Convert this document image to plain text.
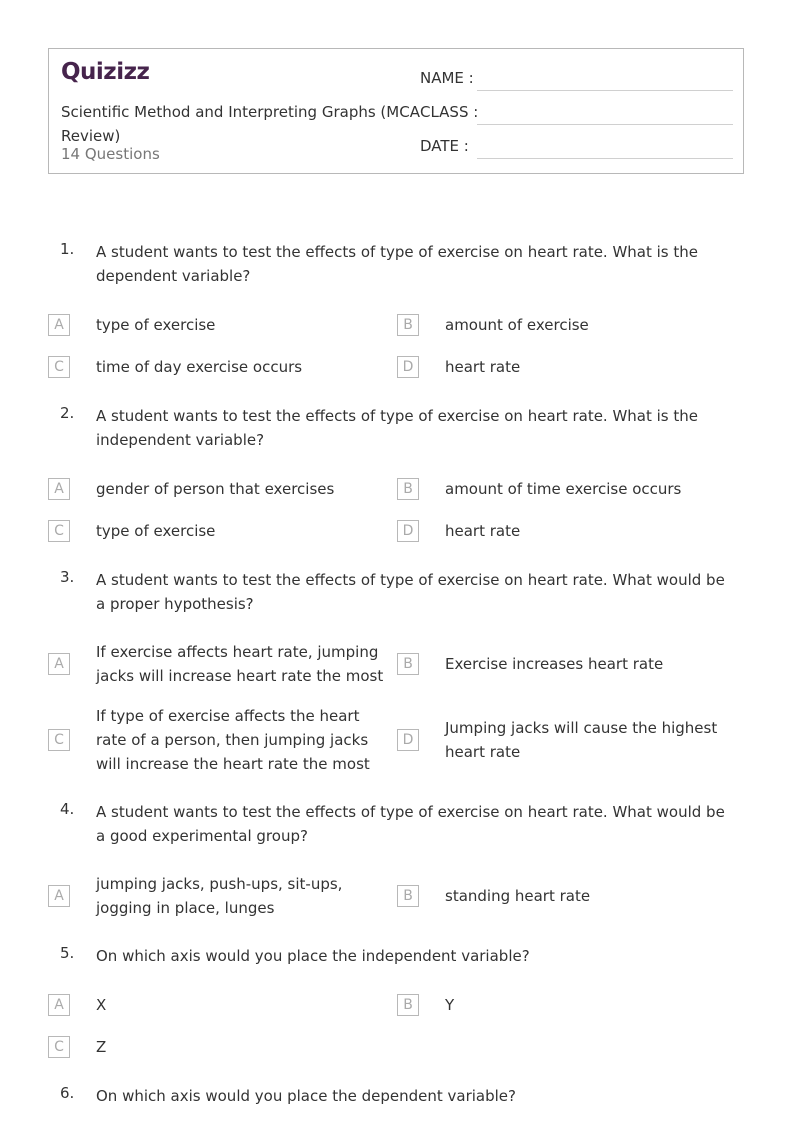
Quizizz
Scientific Method and Interpreting Graphs (MCA Review)
14 Questions
NAME :
CLASS :
DATE :
1. A student wants to test the effects of type of exercise on heart rate. What is the dependent variable?
A	type of exercise	B	amount of exercise
C	time of day exercise occurs	D	heart rate
2. A student wants to test the effects of type of exercise on heart rate. What is the independent variable?
A	gender of person that exercises	B	amount of time exercise occurs
C	type of exercise	D	heart rate
3. A student wants to test the effects of type of exercise on heart rate. What would be a proper hypothesis?
A
If exercise affects heart rate, jumping jacks will increase heart rate the most
B	Exercise increases heart rate
C
If type of exercise affects the heart rate of a person, then jumping jacks will increase the heart rate the most
D
Jumping jacks will cause the highest heart rate
4. A student wants to test the effects of type of exercise on heart rate. What would be a good experimental group?
A
jumping jacks, push-ups, sit-ups, jogging in place, lunges
B	standing heart rate
5. On which axis would you place the independent variable?
A	X	B	Y
C	Z
6. On which axis would you place the dependent variable?
